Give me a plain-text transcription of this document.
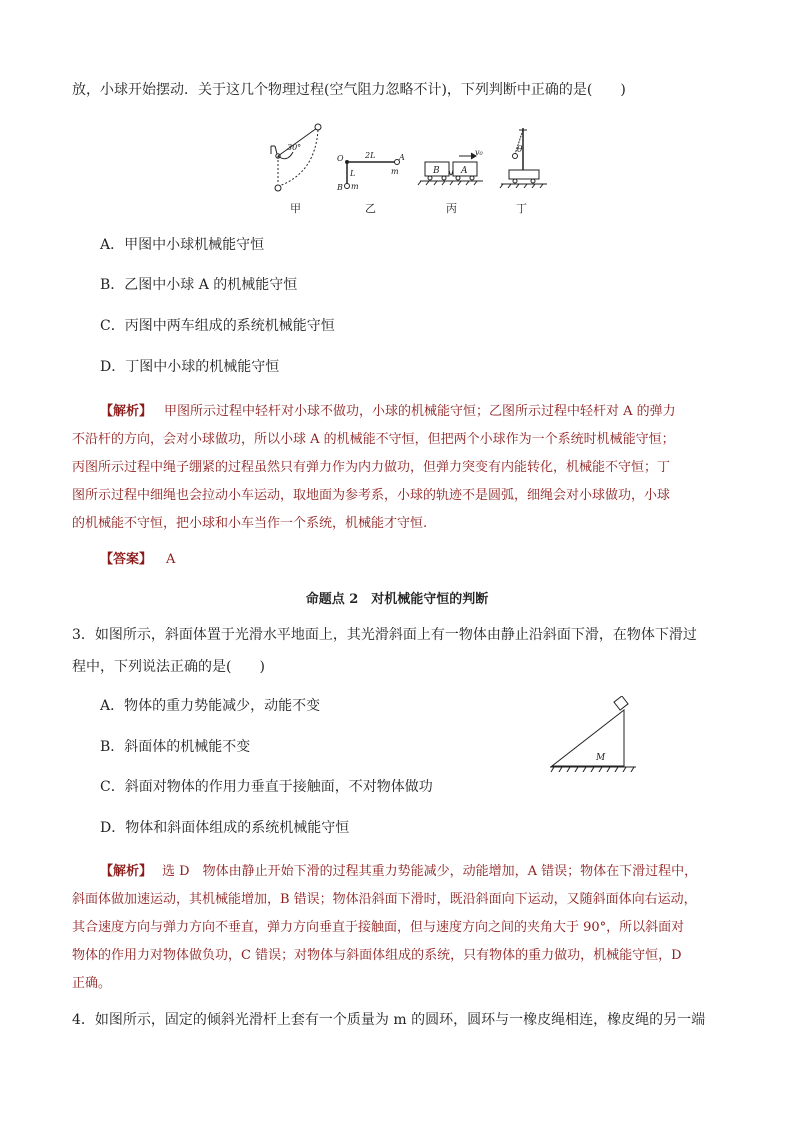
放，小球开始摆动．关于这几个物理过程(空气阻力忽略不计)，下列判断中正确的是(　　)
30°
O	2L	A
m
L
B m
B A
v₀	θ
甲	乙	丙	丁
A．甲图中小球机械能守恒
B．乙图中小球 A 的机械能守恒
C．丙图中两车组成的系统机械能守恒
D．丁图中小球的机械能守恒
【解析】 甲图所示过程中轻杆对小球不做功，小球的机械能守恒；乙图所示过程中轻杆对 A 的弹力
不沿杆的方向，会对小球做功，所以小球 A 的机械能不守恒，但把两个小球作为一个系统时机械能守恒；
丙图所示过程中绳子绷紧的过程虽然只有弹力作为内力做功，但弹力突变有内能转化，机械能不守恒；丁
图所示过程中细绳也会拉动小车运动，取地面为参考系，小球的轨迹不是圆弧，细绳会对小球做功，小球
的机械能不守恒，把小球和小车当作一个系统，机械能才守恒.
【答案】 A
命题点 2　对机械能守恒的判断
3．如图所示，斜面体置于光滑水平地面上，其光滑斜面上有一物体由静止沿斜面下滑，在物体下滑过
程中，下列说法正确的是(　　)
A．物体的重力势能减少，动能不变
B．斜面体的机械能不变
C．斜面对物体的作用力垂直于接触面，不对物体做功
D．物体和斜面体组成的系统机械能守恒
M
【解析】 选 D　物体由静止开始下滑的过程其重力势能减少，动能增加，A 错误；物体在下滑过程中，
斜面体做加速运动，其机械能增加，B 错误；物体沿斜面下滑时，既沿斜面向下运动，又随斜面体向右运动，
其合速度方向与弹力方向不垂直，弹力方向垂直于接触面，但与速度方向之间的夹角大于 90°，所以斜面对
物体的作用力对物体做负功，C 错误；对物体与斜面体组成的系统，只有物体的重力做功，机械能守恒，D
正确。
4．如图所示，固定的倾斜光滑杆上套有一个质量为 m 的圆环，圆环与一橡皮绳相连，橡皮绳的另一端
